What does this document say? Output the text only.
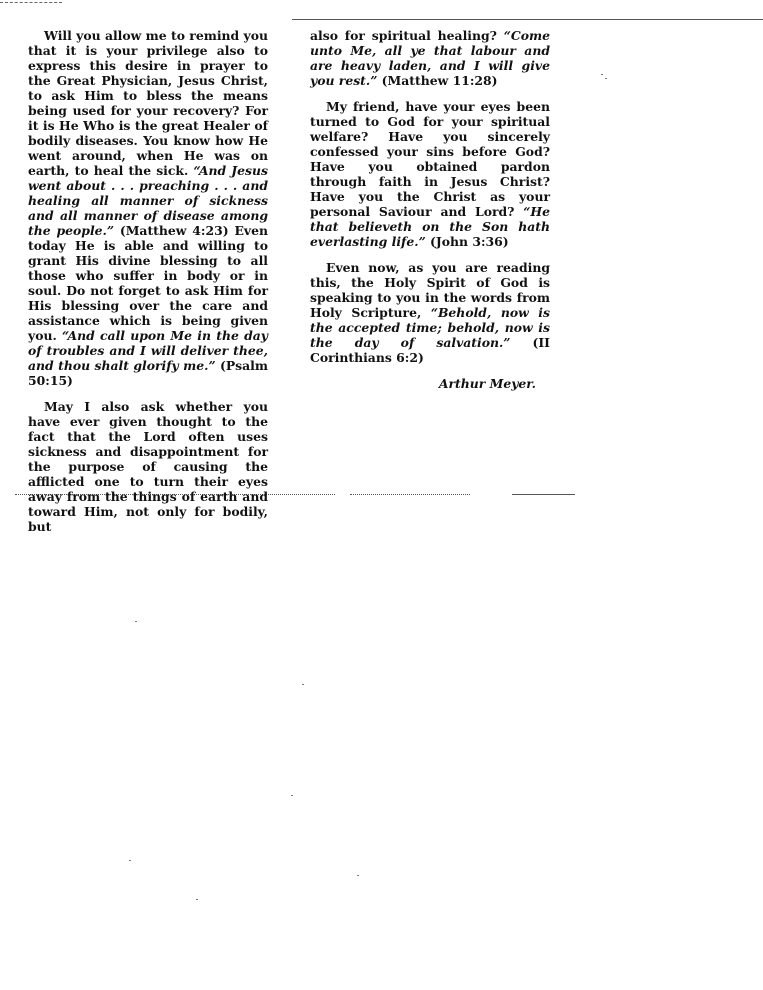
Will you allow me to remind you that it is your privilege also to express this desire in prayer to the Great Physician, Jesus Christ, to ask Him to bless the means being used for your recovery? For it is He Who is the great Healer of bodily diseases. You know how He went around, when He was on earth, to heal the sick. “And Jesus went about . . . preaching . . . and healing all manner of sickness and all manner of disease among the people.” (Matthew 4:23) Even today He is able and willing to grant His divine blessing to all those who suffer in body or in soul. Do not forget to ask Him for His blessing over the care and assistance which is being given you. “And call upon Me in the day of troubles and I will deliver thee, and thou shalt glorify me.” (Psalm 50:15)

May I also ask whether you have ever given thought to the fact that the Lord often uses sickness and disappointment for the purpose of causing the afflicted one to turn their eyes away from the things of earth and toward Him, not only for bodily, but

also for spiritual healing? “Come unto Me, all ye that labour and are heavy laden, and I will give you rest.” (Matthew 11:28)

My friend, have your eyes been turned to God for your spiritual welfare? Have you sincerely confessed your sins before God? Have you obtained pardon through faith in Jesus Christ? Have you the Christ as your personal Saviour and Lord? “He that believeth on the Son hath everlasting life.” (John 3:36)

Even now, as you are reading this, the Holy Spirit of God is speaking to you in the words from Holy Scripture, “Behold, now is the accepted time; behold, now is the day of salvation.” (II Corinthians 6:2)

Arthur Meyer.
